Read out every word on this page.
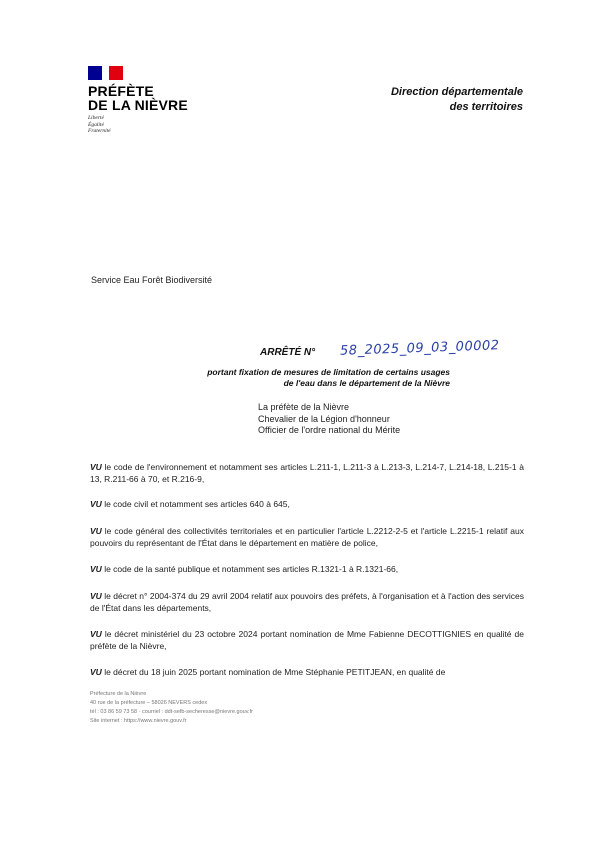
PRÉFÈTE
DE LA NIÈVRE
Liberté
Égalité
Fraternité
Direction départementale
des territoires
Service Eau Forêt Biodiversité
ARRÊTÉ N° 58_2025_09_03_00002
portant fixation de mesures de limitation de certains usages
de l'eau dans le département de la Nièvre
La préfète de la Nièvre
Chevalier de la Légion d'honneur
Officier de l'ordre national du Mérite

VU le code de l'environnement et notamment ses articles L.211-1, L.211-3 à L.213-3, L.214-7, L.214-18, L.215-1 à 13, R.211-66 à 70, et R.216-9,

VU le code civil et notamment ses articles 640 à 645,

VU le code général des collectivités territoriales et en particulier l'article L.2212-2-5 et l'article L.2215-1 relatif aux pouvoirs du représentant de l'État dans le département en matière de police,

VU le code de la santé publique et notamment ses articles R.1321-1 à R.1321-66,

VU le décret n° 2004-374 du 29 avril 2004 relatif aux pouvoirs des préfets, à l'organisation et à l'action des services de l'État dans les départements,

VU le décret ministériel du 23 octobre 2024 portant nomination de Mme Fabienne DECOTTIGNIES en qualité de préfète de la Nièvre,

VU le décret du 18 juin 2025 portant nomination de Mme Stéphanie PETITJEAN, en qualité de

Préfecture de la Nièvre
40 rue de la préfecture – 58026 NEVERS cedex
tél : 03 86 59 73 58 · courriel : ddt-sefb-secheresse@nievre.gouv.fr
Site internet : https://www.nievre.gouv.fr
